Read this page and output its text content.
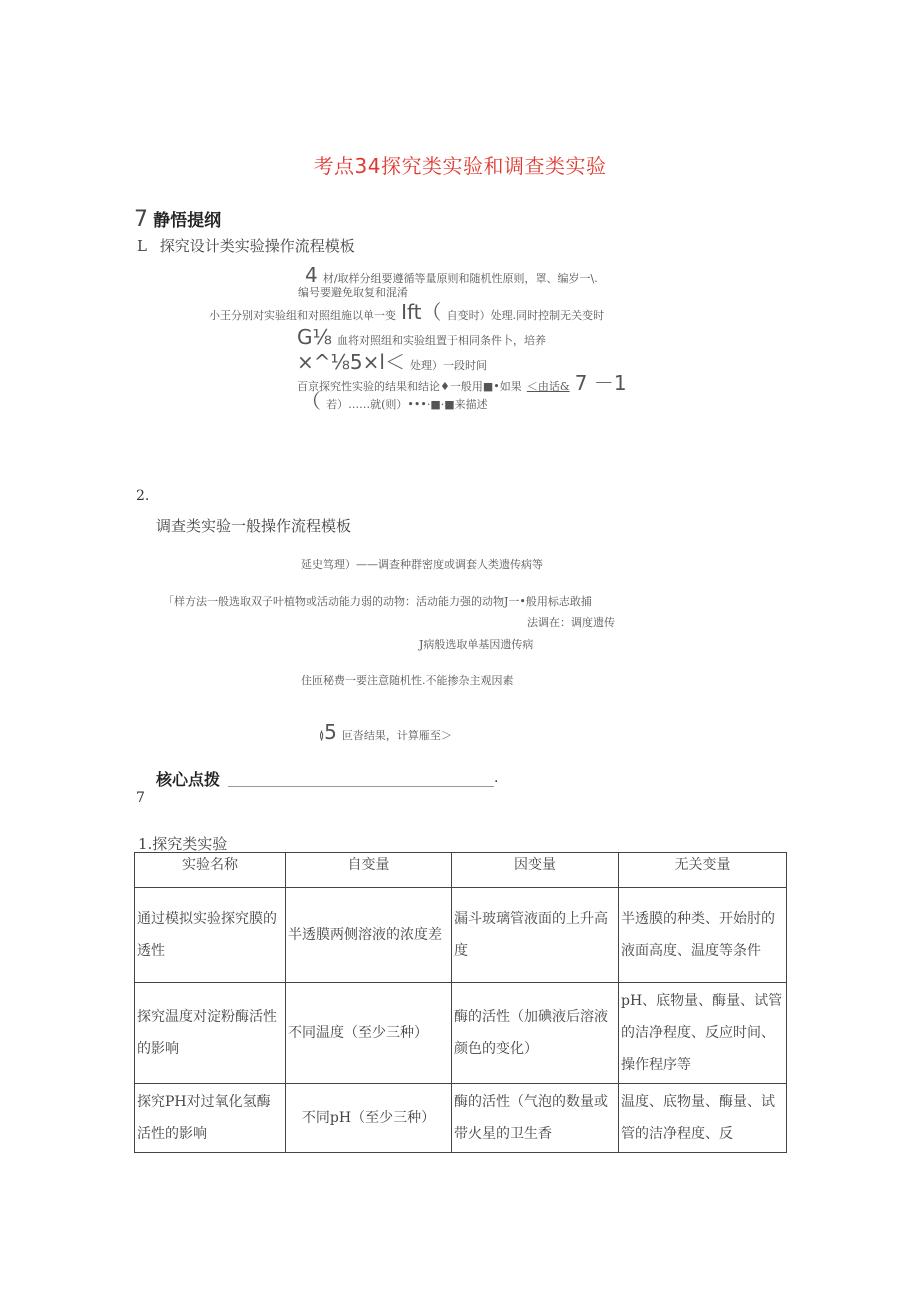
考点34探究类实验和调查类实验
7 静悟提纲
L 探究设计类实验操作流程模板
4 材/取样分组要遵循等量原则和随机性原则，罩、编岁一\.
编号要避免取复和混淆
小王分别对实验组和对照组施以单一变 Ift（ 自变时）处理.同时控制无关变时
G⅛ 血将对照组和实验组置于相同条件卜，培养
×^⅛5×l＜ 处理）一段时间
百京探究性实验的结果和结论♦一般用■•如果 ＜由话& 7 －1
（ 若）……就(则）•••·■·■来描述
2.
调查类实验一般操作流程模板
延史笃理）——调查种群密度或调套人类遗传病等
「样方法一般选取双子叶植物或活动能力弱的动物：活动能力强的动物J一•般用标志敢捕
法调在：调度遗传
J病般选取单基因遗传病
住匝秘费一要注意随机性.不能掺杂主观因素
≬5 叵沓结果，计算雁至＞
核心点拨	.
7
1.探究类实验
实验名称	自变量	因变量	无关变量
通过模拟实验探究膜的透性	半透膜两侧溶液的浓度差	漏斗玻璃管液面的上升高度	半透膜的种类、开始肘的液面高度、温度等条件
探究温度对淀粉酶活性的影响	不同温度（至少三种）	酶的活性（加碘液后溶液颜色的变化）	pH、底物量、酶量、试管的洁净程度、反应时间、操作程序等
探究PH对过氧化氢酶活性的影响	不同pH（至少三种）	酶的活性（气泡的数量或带火星的卫生香	温度、底物量、酶量、试管的洁净程度、反
